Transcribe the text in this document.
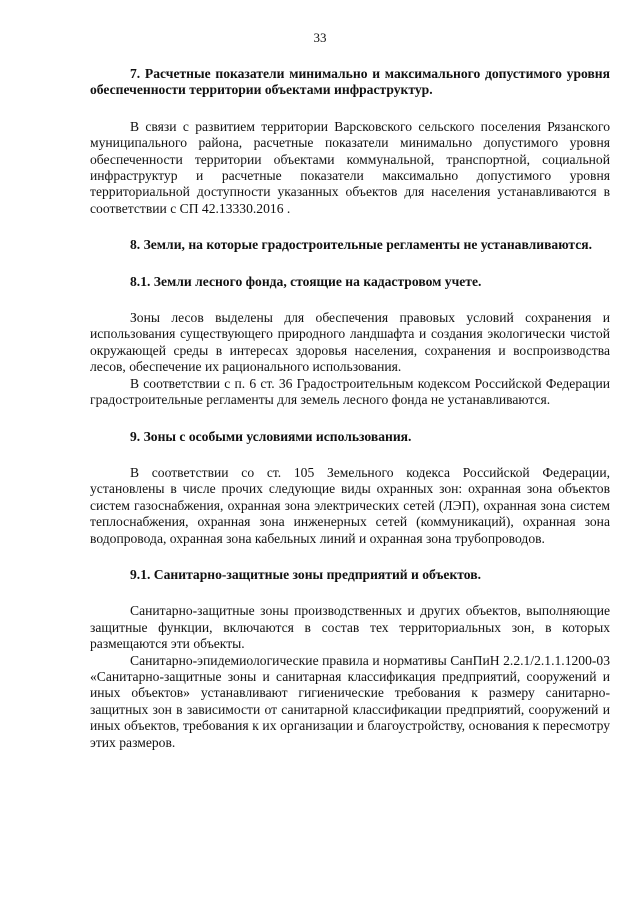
33

7. Расчетные показатели минимально и максимального допустимого уровня обеспеченности территории объектами инфраструктур.

В связи с развитием территории Варсковского сельского поселения Рязанского муниципального района, расчетные показатели минимально допустимого уровня обеспеченности территории объектами коммунальной, транспортной, социальной инфраструктур и расчетные показатели максимально допустимого уровня территориальной доступности указанных объектов для населения устанавливаются в соответствии с СП 42.13330.2016 .

8. Земли, на которые градостроительные регламенты не устанавливаются.

8.1. Земли лесного фонда, стоящие на кадастровом учете.

Зоны лесов выделены для обеспечения правовых условий сохранения и использования существующего природного ландшафта и создания экологически чистой окружающей среды в интересах здоровья населения, сохранения и воспроизводства лесов, обеспечение их рационального использования.

В соответствии с п. 6 ст. 36 Градостроительным кодексом Российской Федерации градостроительные регламенты для земель лесного фонда не устанавливаются.

9. Зоны с особыми условиями использования.

В соответствии со ст. 105 Земельного кодекса Российской Федерации, установлены в числе прочих следующие виды охранных зон: охранная зона объектов систем газоснабжения, охранная зона электрических сетей (ЛЭП), охранная зона систем теплоснабжения, охранная зона инженерных сетей (коммуникаций), охранная зона водопровода, охранная зона кабельных линий и охранная зона трубопроводов.

9.1. Санитарно-защитные зоны предприятий и объектов.

Санитарно-защитные зоны производственных и других объектов, выполняющие защитные функции, включаются в состав тех территориальных зон, в которых размещаются эти объекты.

Санитарно-эпидемиологические правила и нормативы СанПиН 2.2.1/2.1.1.1200-03 «Санитарно-защитные зоны и санитарная классификация предприятий, сооружений и иных объектов» устанавливают гигиенические требования к размеру санитарно-защитных зон в зависимости от санитарной классификации предприятий, сооружений и иных объектов, требования к их организации и благоустройству, основания к пересмотру этих размеров.
